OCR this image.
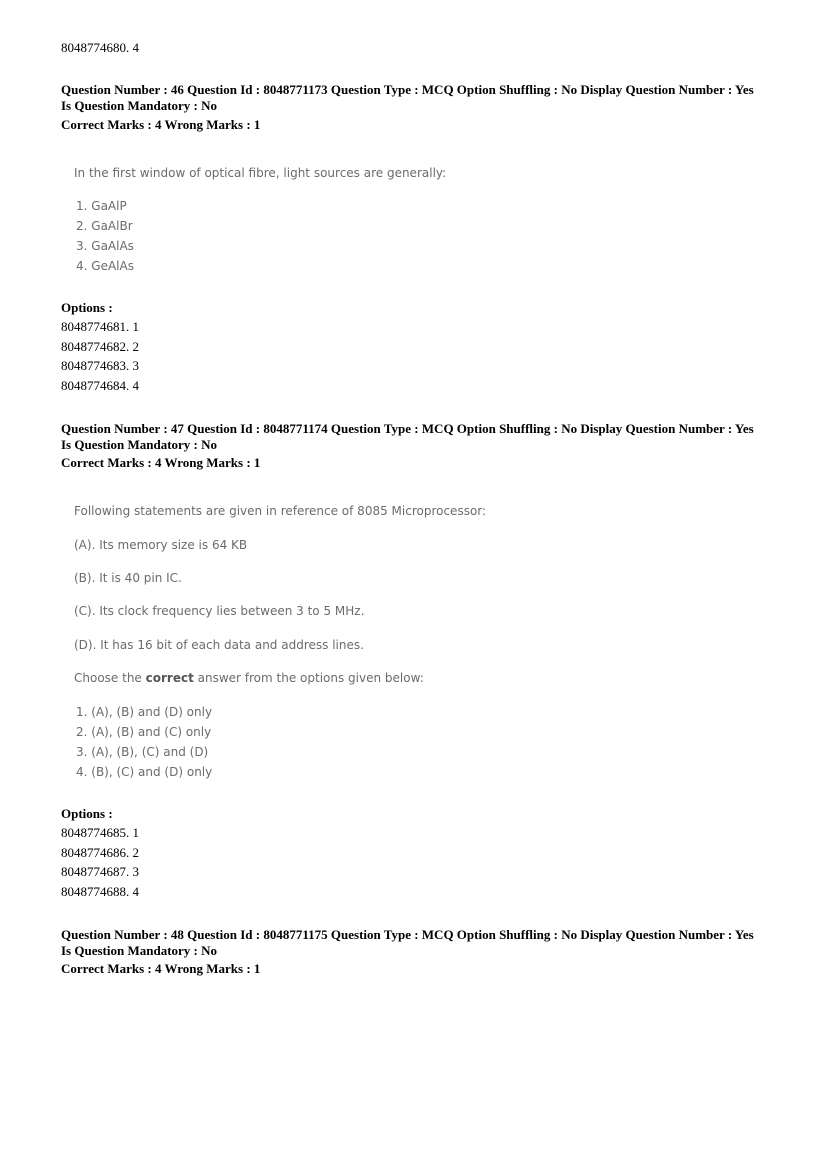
8048774680. 4
Question Number : 46 Question Id : 8048771173 Question Type : MCQ Option Shuffling : No Display Question Number : Yes
Is Question Mandatory : No
Correct Marks : 4 Wrong Marks : 1
In the first window of optical fibre, light sources are generally:
1. GaAlP
2. GaAlBr
3. GaAlAs
4. GeAlAs
Options :
8048774681. 1
8048774682. 2
8048774683. 3
8048774684. 4
Question Number : 47 Question Id : 8048771174 Question Type : MCQ Option Shuffling : No Display Question Number : Yes
Is Question Mandatory : No
Correct Marks : 4 Wrong Marks : 1
Following statements are given in reference of 8085 Microprocessor:
(A). Its memory size is 64 KB
(B). It is 40 pin IC.
(C). Its clock frequency lies between 3 to 5 MHz.
(D). It has 16 bit of each data and address lines.
Choose the correct answer from the options given below:
1. (A), (B) and (D) only
2. (A), (B) and (C) only
3. (A), (B), (C) and (D)
4. (B), (C) and (D) only
Options :
8048774685. 1
8048774686. 2
8048774687. 3
8048774688. 4
Question Number : 48 Question Id : 8048771175 Question Type : MCQ Option Shuffling : No Display Question Number : Yes
Is Question Mandatory : No
Correct Marks : 4 Wrong Marks : 1
